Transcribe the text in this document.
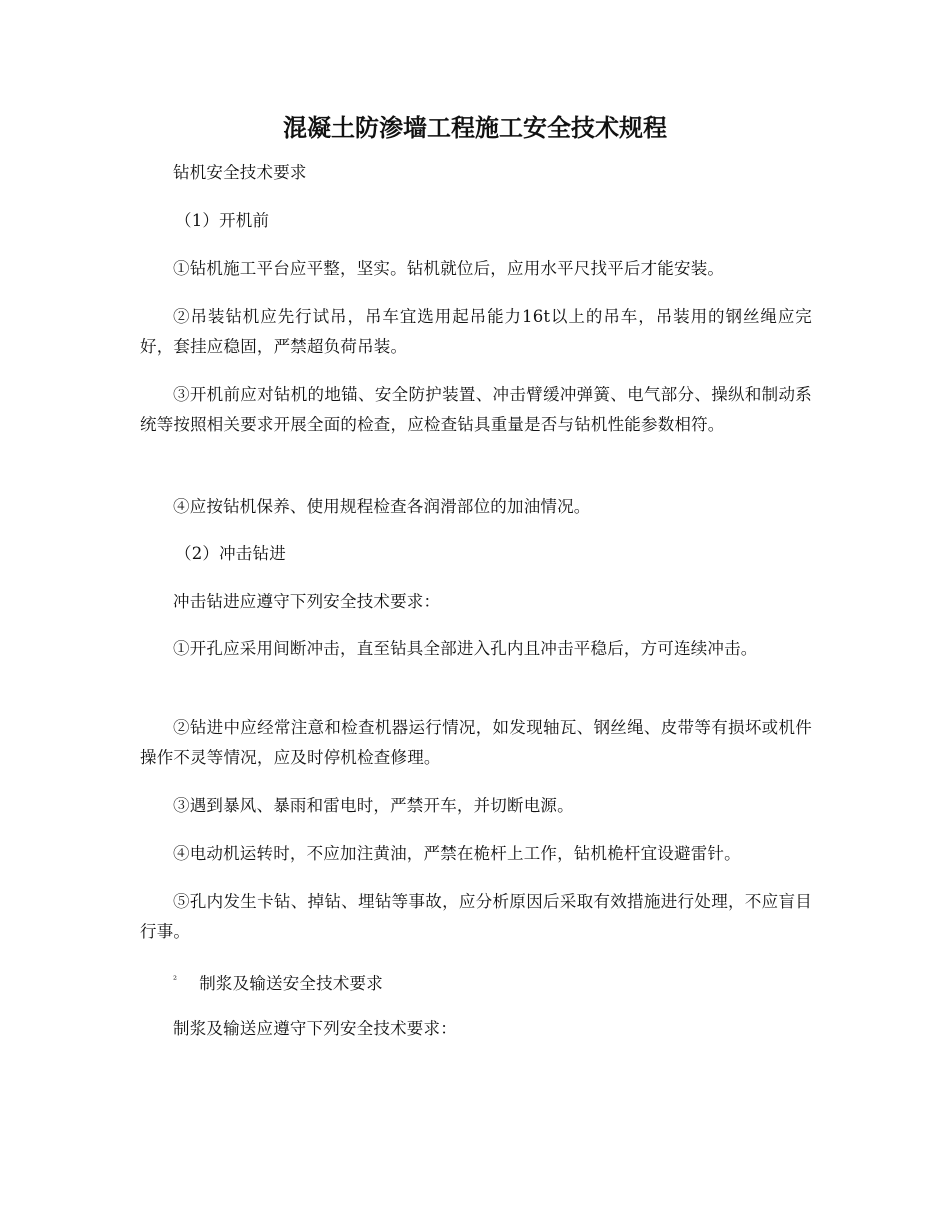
混凝土防渗墙工程施工安全技术规程

钻机安全技术要求

（1）开机前

①钻机施工平台应平整，坚实。钻机就位后，应用水平尺找平后才能安装。

②吊装钻机应先行试吊，吊车宜选用起吊能力16t以上的吊车，吊装用的钢丝绳应完好，套挂应稳固，严禁超负荷吊装。

③开机前应对钻机的地锚、安全防护装置、冲击臂缓冲弹簧、电气部分、操纵和制动系统等按照相关要求开展全面的检查，应检查钻具重量是否与钻机性能参数相符。

④应按钻机保养、使用规程检查各润滑部位的加油情况。

（2）冲击钻进

冲击钻进应遵守下列安全技术要求：

①开孔应采用间断冲击，直至钻具全部进入孔内且冲击平稳后，方可连续冲击。

②钻进中应经常注意和检查机器运行情况，如发现轴瓦、钢丝绳、皮带等有损坏或机件操作不灵等情况，应及时停机检查修理。

③遇到暴风、暴雨和雷电时，严禁开车，并切断电源。

④电动机运转时，不应加注黄油，严禁在桅杆上工作，钻机桅杆宜设避雷针。

⑤孔内发生卡钻、掉钻、埋钻等事故，应分析原因后采取有效措施进行处理，不应盲目行事。

$^{^2}$ 制浆及输送安全技术要求

制浆及输送应遵守下列安全技术要求：
